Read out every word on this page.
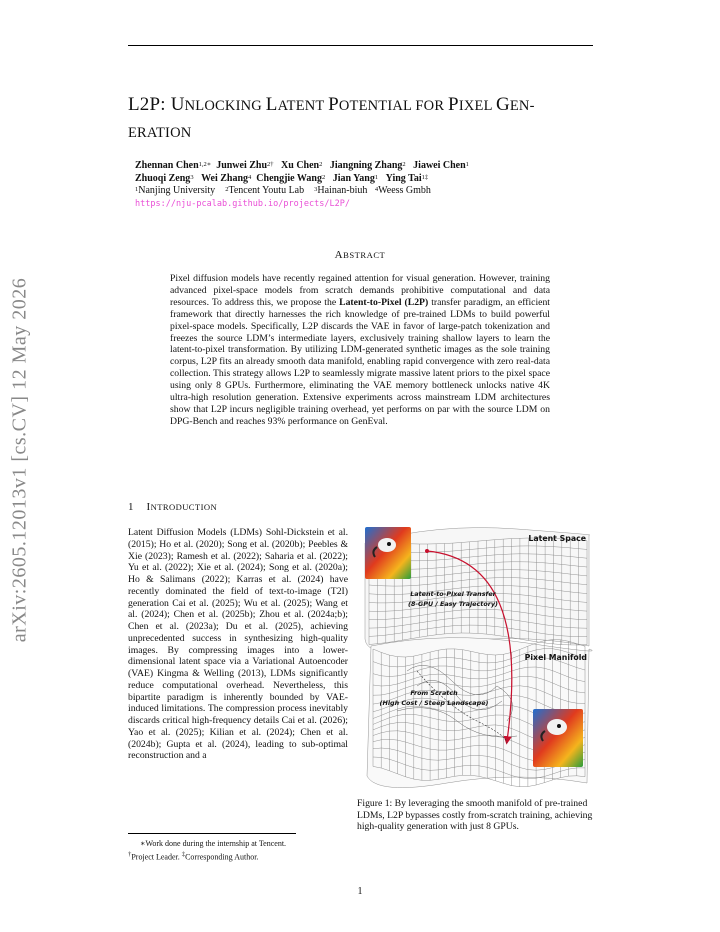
arXiv:2605.12013v1 [cs.CV] 12 May 2026
L2P: UNLOCKING LATENT POTENTIAL FOR PIXEL GEN-
ERATION
Zhennan Chen$^{1,2∗}$ Junwei Zhu$^{2\dagger}$ Xu Chen$^2$ Jiangning Zhang$^2$ Jiawei Chen$^1$
Zhuoqi Zeng$^3$ Wei Zhang$^4$ Chengjie Wang$^2$ Jian Yang$^1$ Ying Tai$^{1\ddagger}$
$^1$Nanjing University $^2$Tencent Youtu Lab $^3$Hainan-biuh $^4$Weess Gmbh
https://nju-pcalab.github.io/projects/L2P/
ABSTRACT
Pixel diffusion models have recently regained attention for visual generation. However, training advanced pixel-space models from scratch demands prohibitive computational and data resources. To address this, we propose the Latent-to-Pixel (L2P) transfer paradigm, an efficient framework that directly harnesses the rich knowledge of pre-trained LDMs to build powerful pixel-space models. Specifically, L2P discards the VAE in favor of large-patch tokenization and freezes the source LDM’s intermediate layers, exclusively training shallow layers to learn the latent-to-pixel transformation. By utilizing LDM-generated synthetic images as the sole training corpus, L2P fits an already smooth data manifold, enabling rapid convergence with zero real-data collection. This strategy allows L2P to seamlessly migrate massive latent priors to the pixel space using only 8 GPUs. Furthermore, eliminating the VAE memory bottleneck unlocks native 4K ultra-high resolution generation. Extensive experiments across mainstream LDM architectures show that L2P incurs negligible training overhead, yet performs on par with the source LDM on DPG-Bench and reaches 93% performance on GenEval.
1 INTRODUCTION
Latent Diffusion Models (LDMs) Sohl-Dickstein et al. (2015); Ho et al. (2020); Song et al. (2020b); Peebles & Xie (2023); Ramesh et al. (2022); Saharia et al. (2022); Yu et al. (2022); Xie et al. (2024); Song et al. (2020a); Ho & Salimans (2022); Karras et al. (2024) have recently dominated the field of text-to-image (T2I) generation Cai et al. (2025); Wu et al. (2025); Wang et al. (2024); Chen et al. (2025b); Zhou et al. (2024a;b); Chen et al. (2023a); Du et al. (2025), achieving unprecedented success in synthesizing high-quality images. By compressing images into a lower-dimensional latent space via a Variational Autoencoder (VAE) Kingma & Welling (2013), LDMs significantly reduce computational overhead. Nevertheless, this bipartite paradigm is inherently bounded by VAE-induced limitations. The compression process inevitably discards critical high-frequency details Cai et al. (2026); Yao et al. (2025); Kilian et al. (2024); Chen et al. (2024b); Gupta et al. (2024), leading to sub-optimal reconstruction and a
Latent Space
Pixel Manifold
Latent-to-Pixel Transfer
(8-GPU / Easy Trajectory)
From Scratch
(High Cost / Steep Landscape)
Figure 1: By leveraging the smooth manifold of pre-trained LDMs, L2P bypasses costly from-scratch training, achieving high-quality generation with just 8 GPUs.
∗Work done during the internship at Tencent.
†Project Leader. ‡Corresponding Author.
1
